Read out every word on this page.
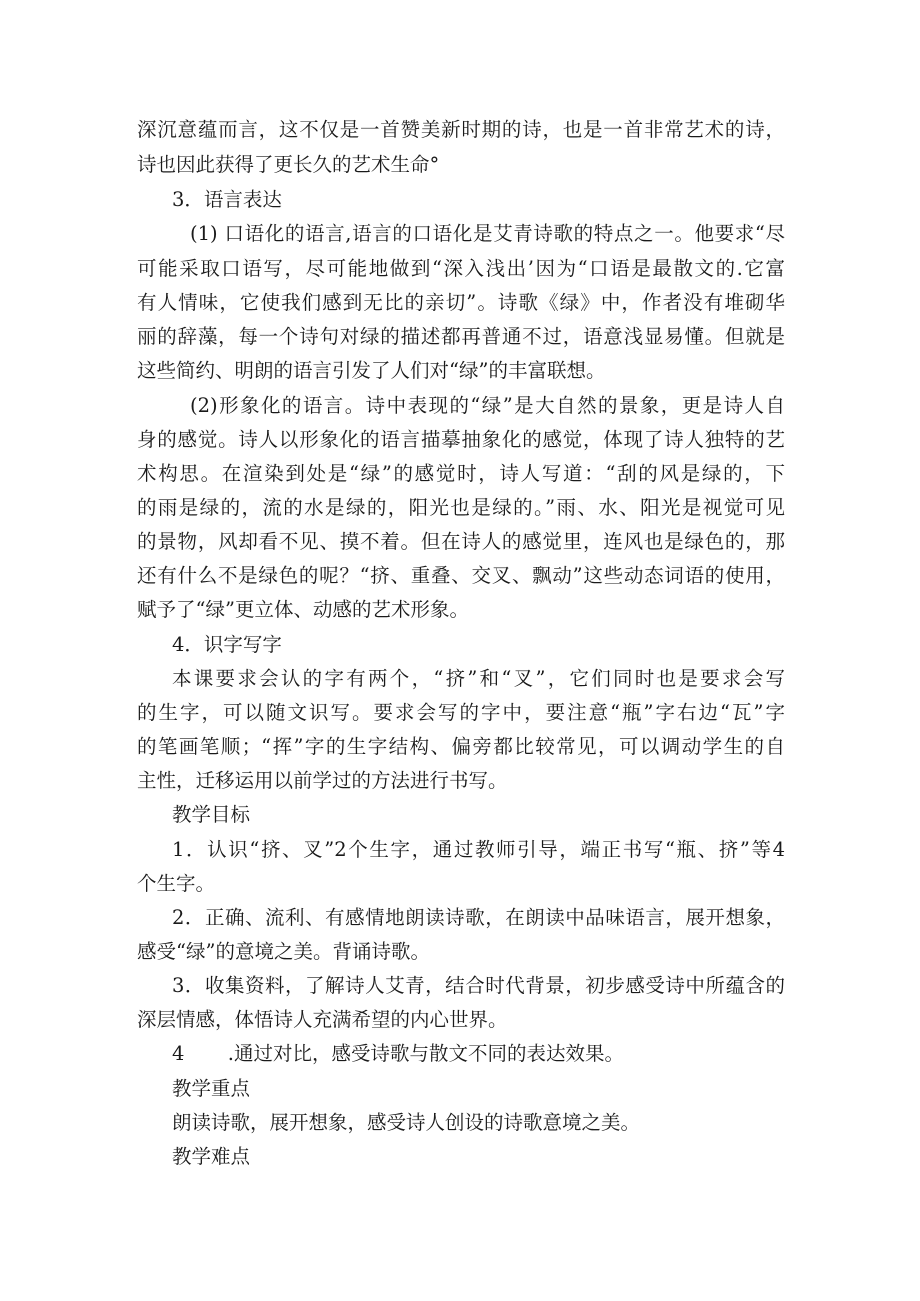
深沉意蕴而言，这不仅是一首赞美新时期的诗，也是一首非常艺术的诗，
诗也因此获得了更长久的艺术生命°
3．语言表达
(1) 口语化的语言,语言的口语化是艾青诗歌的特点之一。他要求“尽
可能采取口语写，尽可能地做到“深入浅出’因为“口语是最散文的.它富
有人情味，它使我们感到无比的亲切”。诗歌《绿》中，作者没有堆砌华
丽的辞藻，每一个诗句对绿的描述都再普通不过，语意浅显易懂。但就是
这些简约、明朗的语言引发了人们对“绿”的丰富联想。
(2)形象化的语言。诗中表现的“绿”是大自然的景象，更是诗人自
身的感觉。诗人以形象化的语言描摹抽象化的感觉，体现了诗人独特的艺
术构思。在渲染到处是“绿”的感觉时，诗人写道：“刮的风是绿的，下
的雨是绿的，流的水是绿的，阳光也是绿的。”雨、水、阳光是视觉可见
的景物，风却看不见、摸不着。但在诗人的感觉里，连风也是绿色的，那
还有什么不是绿色的呢？“挤、重叠、交叉、飘动”这些动态词语的使用，
赋予了“绿”更立体、动感的艺术形象。
4．识字写字
本课要求会认的字有两个，“挤”和“叉”，它们同时也是要求会写
的生字，可以随文识写。要求会写的字中，要注意“瓶”字右边“瓦”字
的笔画笔顺；“挥”字的生字结构、偏旁都比较常见，可以调动学生的自
主性，迁移运用以前学过的方法进行书写。
教学目标
1．认识“挤、叉”2个生字，通过教师引导，端正书写“瓶、挤”等4
个生字。
2．正确、流利、有感情地朗读诗歌，在朗读中品味语言，展开想象，
感受“绿”的意境之美。背诵诗歌。
3．收集资料，了解诗人艾青，结合时代背景，初步感受诗中所蕴含的
深层情感，体悟诗人充满希望的内心世界。
4       .通过对比，感受诗歌与散文不同的表达效果。
教学重点
朗读诗歌，展开想象，感受诗人创设的诗歌意境之美。
教学难点
